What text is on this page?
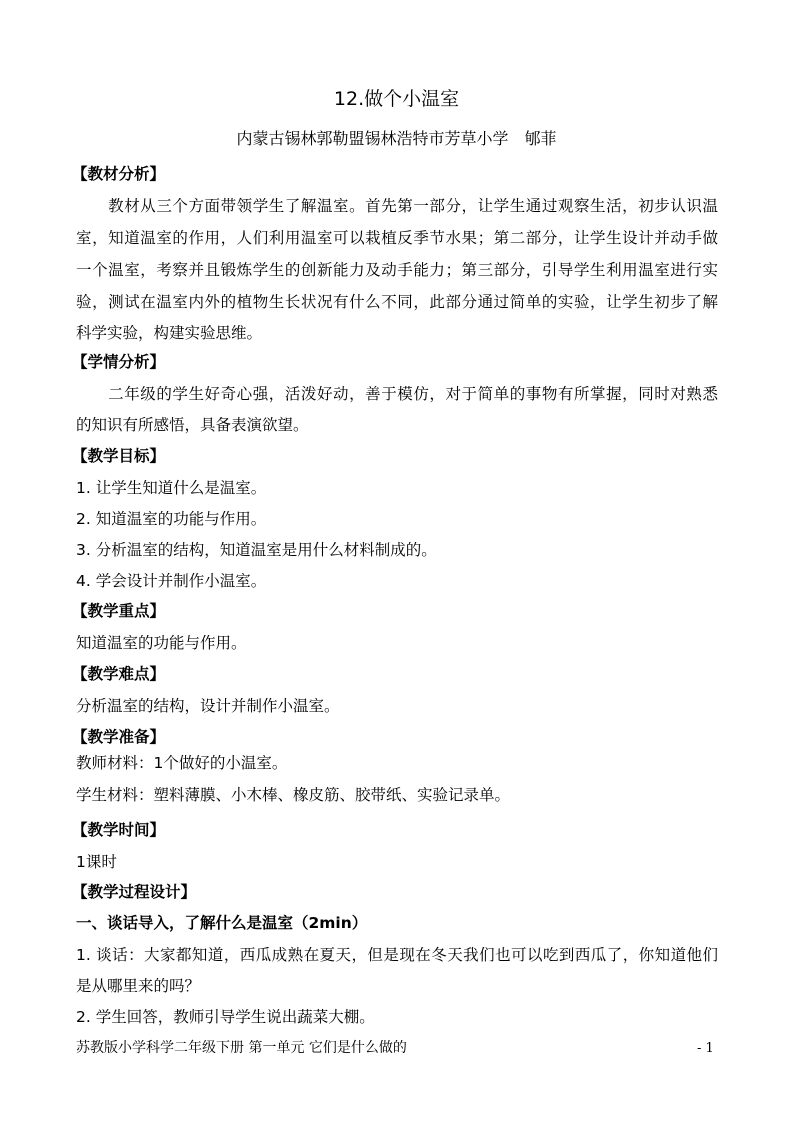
12.做个小温室
内蒙古锡林郭勒盟锡林浩特市芳草小学　郇菲
【教材分析】
　　教材从三个方面带领学生了解温室。首先第一部分，让学生通过观察生活，初步认识温
室，知道温室的作用，人们利用温室可以栽植反季节水果；第二部分，让学生设计并动手做
一个温室，考察并且锻炼学生的创新能力及动手能力；第三部分，引导学生利用温室进行实
验，测试在温室内外的植物生长状况有什么不同，此部分通过简单的实验，让学生初步了解
科学实验，构建实验思维。
【学情分析】
　　二年级的学生好奇心强，活泼好动，善于模仿，对于简单的事物有所掌握，同时对熟悉
的知识有所感悟，具备表演欲望。
【教学目标】
1. 让学生知道什么是温室。
2. 知道温室的功能与作用。
3. 分析温室的结构，知道温室是用什么材料制成的。
4. 学会设计并制作小温室。
【教学重点】
知道温室的功能与作用。
【教学难点】
分析温室的结构，设计并制作小温室。
【教学准备】
教师材料：1个做好的小温室。
学生材料：塑料薄膜、小木棒、橡皮筋、胶带纸、实验记录单。
【教学时间】
1课时
【教学过程设计】
一、谈话导入，了解什么是温室（2min）
1. 谈话：大家都知道，西瓜成熟在夏天，但是现在冬天我们也可以吃到西瓜了，你知道他们
是从哪里来的吗？
2. 学生回答，教师引导学生说出蔬菜大棚。
苏教版小学科学二年级下册 第一单元 它们是什么做的	- 1
